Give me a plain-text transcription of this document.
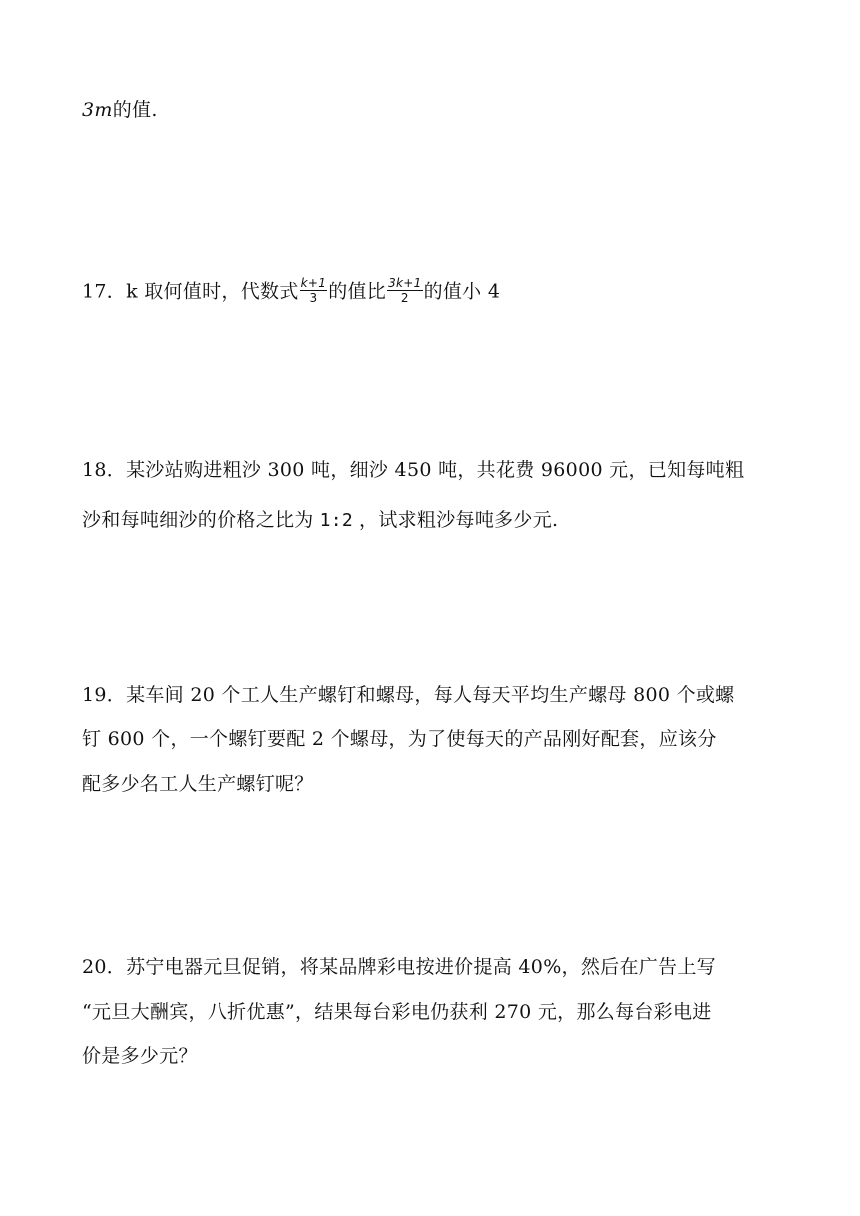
3m的值.
17．k 取何值时，代数式 $\frac{k+1}{3}$ 的值比 $\frac{3k+1}{2}$ 的值小 4
18．某沙站购进粗沙 300 吨，细沙 450 吨，共花费 96000 元，已知每吨粗
沙和每吨细沙的价格之比为 1:2 ，试求粗沙每吨多少元.
19．某车间 20 个工人生产螺钉和螺母，每人每天平均生产螺母 800 个或螺
钉 600 个，一个螺钉要配 2 个螺母，为了使每天的产品刚好配套，应该分
配多少名工人生产螺钉呢？
20．苏宁电器元旦促销，将某品牌彩电按进价提高 40%，然后在广告上写
“元旦大酬宾，八折优惠”，结果每台彩电仍获利 270 元，那么每台彩电进
价是多少元？
